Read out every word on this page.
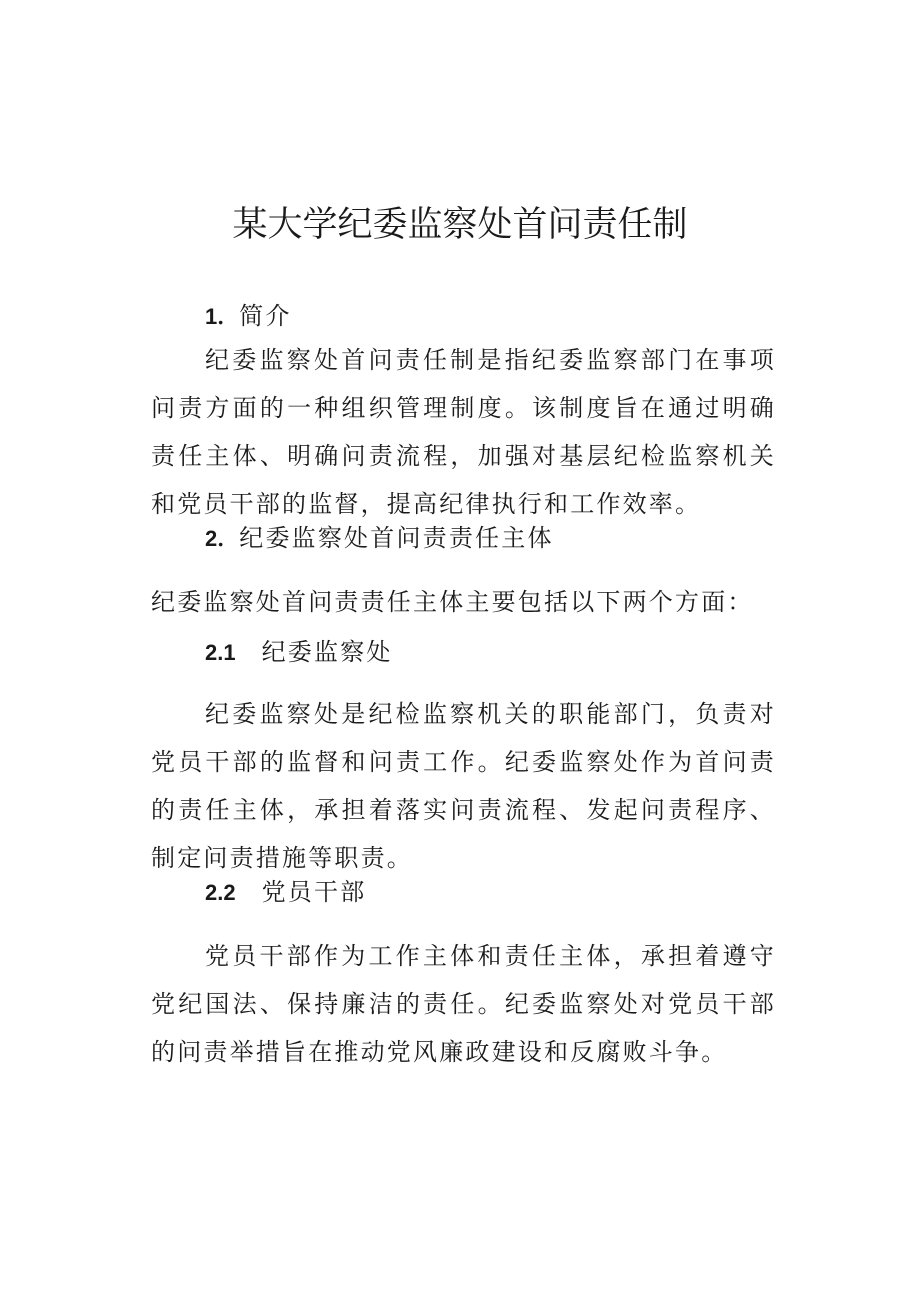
某大学纪委监察处首问责任制
1．简介
纪委监察处首问责任制是指纪委监察部门在事项问责方面的一种组织管理制度。该制度旨在通过明确责任主体、明确问责流程，加强对基层纪检监察机关和党员干部的监督，提高纪律执行和工作效率。
2．纪委监察处首问责责任主体
纪委监察处首问责责任主体主要包括以下两个方面：
2.1 纪委监察处
纪委监察处是纪检监察机关的职能部门，负责对党员干部的监督和问责工作。纪委监察处作为首问责的责任主体，承担着落实问责流程、发起问责程序、制定问责措施等职责。
2.2 党员干部
党员干部作为工作主体和责任主体，承担着遵守党纪国法、保持廉洁的责任。纪委监察处对党员干部的问责举措旨在推动党风廉政建设和反腐败斗争。
